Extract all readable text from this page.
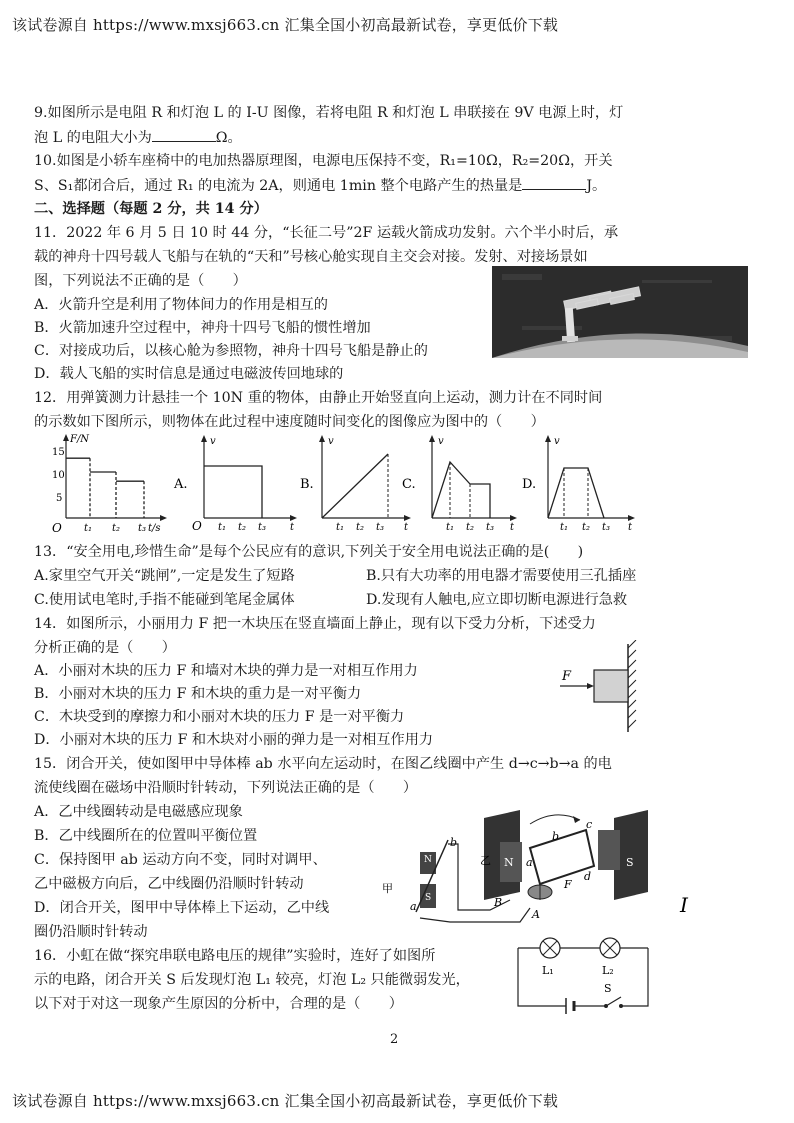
该试卷源自 https://www.mxsj663.cn 汇集全国小初高最新试卷，享更低价下载
该试卷源自 https://www.mxsj663.cn 汇集全国小初高最新试卷，享更低价下载
9.如图所示是电阻 R 和灯泡 L 的 I-U 图像，若将电阻 R 和灯泡 L 串联接在 9V 电源上时，灯
泡 L 的电阻大小为	Ω。
10.如图是小轿车座椅中的电加热器原理图，电源电压保持不变，R₁=10Ω，R₂=20Ω，开关
S、S₁都闭合后，通过 R₁ 的电流为 2A，则通电 1min 整个电路产生的热量是	J。
二、选择题（每题 2 分，共 14 分）
11．2022 年 6 月 5 日 10 时 44 分，“长征二号”2F 运载火箭成功发射。六个半小时后，承
载的神舟十四号载人飞船与在轨的“天和”号核心舱实现自主交会对接。发射、对接场景如
图，下列说法不正确的是（　　）
A．火箭升空是利用了物体间力的作用是相互的
B．火箭加速升空过程中，神舟十四号飞船的惯性增加
C．对接成功后，以核心舱为参照物，神舟十四号飞船是静止的
D．载人飞船的实时信息是通过电磁波传回地球的
12．用弹簧测力计悬挂一个 10N 重的物体，由静止开始竖直向上运动，测力计在不同时间
的示数如下图所示，则物体在此过程中速度随时间变化的图像应为图中的（　　）
F/N
t/s
O
15
10
5
t₁ t₂ t₃
A.
v
t
O t₁ t₂ t₃
B.
v
t
t₁ t₂ t₃
C.
v
t
t₁ t₂ t₃
D.
v
t
t₁ t₂ t₃
13．“安全用电,珍惜生命”是每个公民应有的意识,下列关于安全用电说法正确的是(　　)
A.家里空气开关“跳闸”,一定是发生了短路	B.只有大功率的用电器才需要使用三孔插座
C.使用试电笔时,手指不能碰到笔尾金属体	D.发现有人触电,应立即切断电源进行急救
14．如图所示，小丽用力 F 把一木块压在竖直墙面上静止，现有以下受力分析，下述受力
分析正确的是（　　）
A．小丽对木块的压力 F 和墙对木块的弹力是一对相互作用力
B．小丽对木块的压力 F 和木块的重力是一对平衡力
C．木块受到的摩擦力和小丽对木块的压力 F 是一对平衡力
D．小丽对木块的压力 F 和木块对小丽的弹力是一对相互作用力
F
15．闭合开关，使如图甲中导体棒 ab 水平向左运动时，在图乙线圈中产生 d→c→b→a 的电
流使线圈在磁场中沿顺时针转动，下列说法正确的是（　　）
A．乙中线圈转动是电磁感应现象
B．乙中线圈所在的位置叫平衡位置
C．保持图甲 ab 运动方向不变，同时对调甲、
乙中磁极方向后，乙中线圈仍沿顺时针转动
D．闭合开关，图甲中导体棒上下运动，乙中线
圈仍沿顺时针转动
N
S
甲
a
b
B
A
N	S
乙
b
c
d
F
a
I
16．小虹在做“探究串联电路电压的规律”实验时，连好了如图所
示的电路，闭合开关 S 后发现灯泡 L₁ 较亮，灯泡 L₂ 只能微弱发光，
以下对于对这一现象产生原因的分析中，合理的是（　　）
L₁	L₂
S
2
